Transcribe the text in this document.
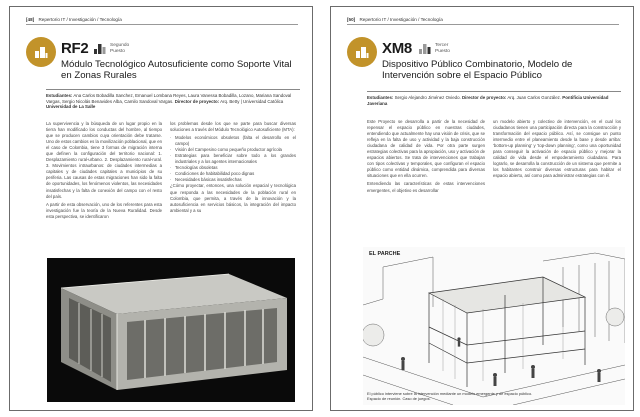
[48] Repertorio IT / Investigación / Tecnología
RF2	Segundo
Puesto
Módulo Tecnológico Autosuficiente como Soporte Vital en Zonas Rurales
Estudiantes: Ana Carlos Bobadilla Sanchez, Emanuel Lombana Reyes, Laura Vanessa Bobadilla, Lozano, Mariana Sandoval Vargas, Sergio Nicolás Benavides Alba, Camilo Sandoval Vargas. Director de proyecto: Arq. Betty | Universidad Católica Universidad de La Salle

La supervivencia y la búsqueda de un lugar propio en la tierra han modificado los conductas del hombre, al tiempo que se producen cambios cuya orientación debe tratarse. Uno de estos cambios es la movilización poblacional, que en el caso de Colombia, tiene 3 formas de migración interna que definen la configuración del territorio nacional: 1. Desplazamiento rural-urbano. 2. Desplazamiento rural-rural. 3. Movimientos intraurbanos: de ciudades intermedias a capitales y de ciudades capitales a municipios de su periferia. Las causas de estas migraciones han sido la falta de oportunidades, los fenómenos violentos, las necesidades insatisfechas y la falta de conexión del campo con el resto del país.

A partir de esta observación, uno de los referentes para esta investigación fue la teoría de la Nueva Ruralidad. Desde esta perspectiva, se identificaron

los problemas desde los que se parte para buscar diversas soluciones a través del Módulo Tecnológico Autosuficiente (MTA):

· Modelos económicos obsoletos (falta el desarrollo en el campo)
· Visión del Campesino como pequeño productor agrícola
· Estrategias para beneficiar sobre todo a los grandes industriales y a los agentes internacionales
· Tecnologías obsoletas
· Condiciones de habitabilidad poco dignas
· Necesidades básicas insatisfechas

¿Cómo proyectar, entonces, una solución espacial y tecnológica que responda a las necesidades de la población rural en Colombia, que permita, a través de la innovación y la autosuficiencia en servicios básicos, la integración del impacto ambiental y a su

[50] Repertorio IT / Investigación / Tecnología
XM8	Tercer
Puesto
Dispositivo Público Combinatorio, Modelo de Intervención sobre el Espacio Público
Estudiantes: Sergio Alejandro Jiménez Oviedo. Director de proyecto: Arq. Juan Carlos González. Pontificia Universidad Javeriana

Este Proyecto se desarrolla a partir de la necesidad de repensar el espacio público en nuestras ciudades, entendiendo que actualmente hay una visión de crisis, que se refleja en la falta de uso y actividad y la baja construcción ciudadana de calidad de vida. Por otra parte surgen estrategias colectivas para la apropiación, uso y activación de espacios abiertos. Se trata de intervenciones que trabajan con tipos colectivas y temporales, que configuran el espacio público como entidad dinámica, comprendida para diversas situaciones que en ella ocurren.

Entendiendo las características de estas intervenciones emergentes, el objetivo es desarrollar

un modelo abierto y colectivo de intervención, en el cual los ciudadanos tienen una participación directa para la construcción y transformación del espacio público. Así, se consigue un punto intermedio entre el planeamiento desde la base y desde arriba: 'bottom-up planning' y 'top-down planning', como una oportunidad para conseguir la activación de espacio público y mejorar la calidad de vida desde el empoderamiento ciudadano. Para lograrlo, se desarrolla la construcción de un sistema que permite a los habitantes construir diversas estructuras para habitar el espacio abierto, así como para administrar estrategias con él.

EL PARCHE
El público interviene sobre la intervención mediante un modelo emergente y de espacio público. Espacio de reunión. Caso de juegos.
